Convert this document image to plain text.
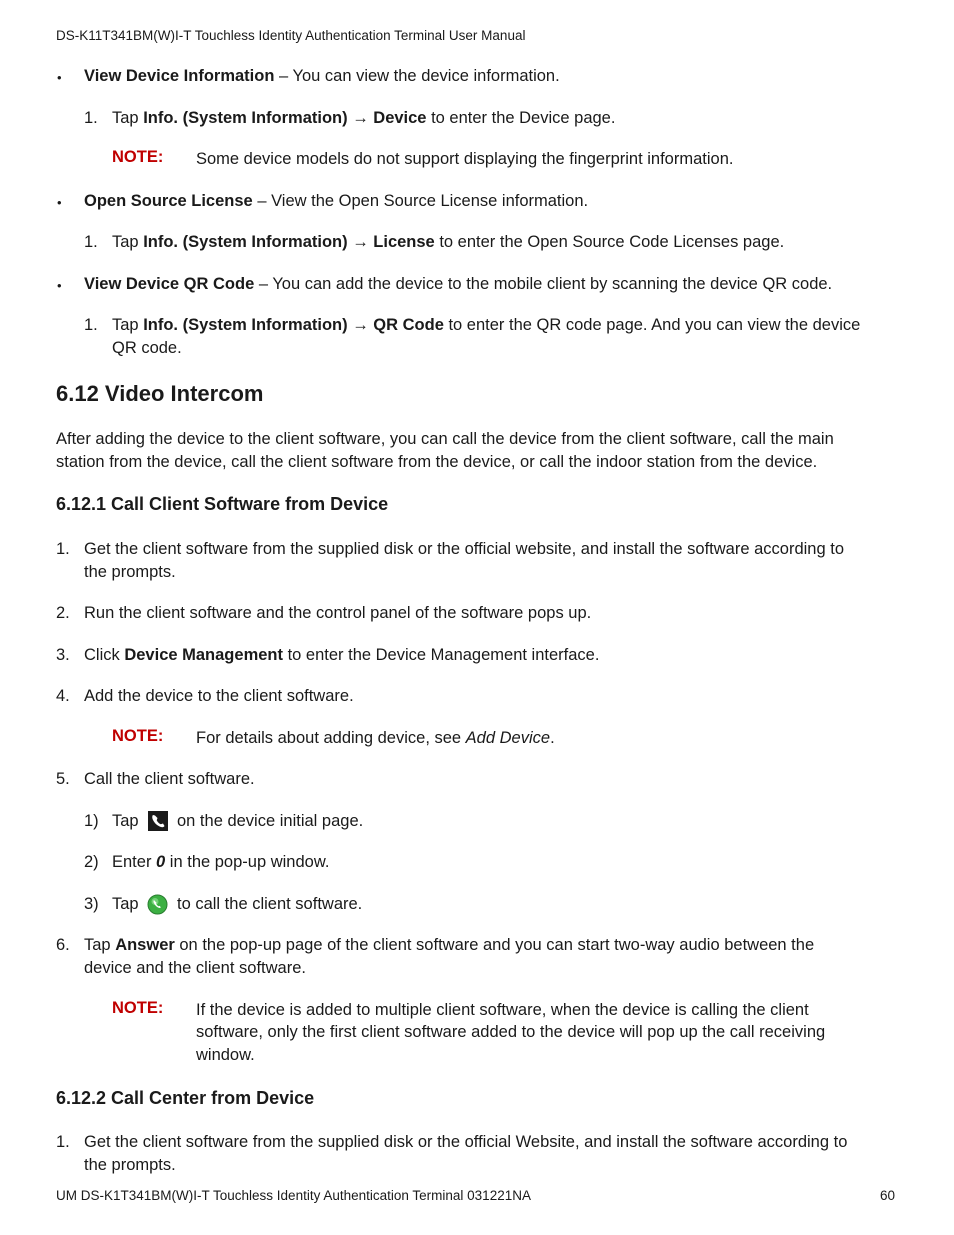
DS-K11T341BM(W)I-T Touchless Identity Authentication Terminal User Manual
• View Device Information – You can view the device information.
1. Tap Info. (System Information) → Device to enter the Device page.
NOTE: Some device models do not support displaying the fingerprint information.
• Open Source License – View the Open Source License information.
1. Tap Info. (System Information) → License to enter the Open Source Code Licenses page.
• View Device QR Code – You can add the device to the mobile client by scanning the device QR code.
1. Tap Info. (System Information) → QR Code to enter the QR code page. And you can view the device
QR code.
6.12 Video Intercom
After adding the device to the client software, you can call the device from the client software, call the main
station from the device, call the client software from the device, or call the indoor station from the device.
6.12.1 Call Client Software from Device
1. Get the client software from the supplied disk or the official website, and install the software according to
the prompts.
2. Run the client software and the control panel of the software pops up.
3. Click Device Management to enter the Device Management interface.
4. Add the device to the client software.
NOTE: For details about adding device, see Add Device.
5. Call the client software.
1) Tap on the device initial page.
2) Enter 0 in the pop-up window.
3) Tap to call the client software.
6. Tap Answer on the pop-up page of the client software and you can start two-way audio between the
device and the client software.
NOTE: If the device is added to multiple client software, when the device is calling the client
software, only the first client software added to the device will pop up the call receiving
window.
6.12.2 Call Center from Device
1. Get the client software from the supplied disk or the official Website, and install the software according to
the prompts.
UM DS-K1T341BM(W)I-T Touchless Identity Authentication Terminal 031221NA	60
